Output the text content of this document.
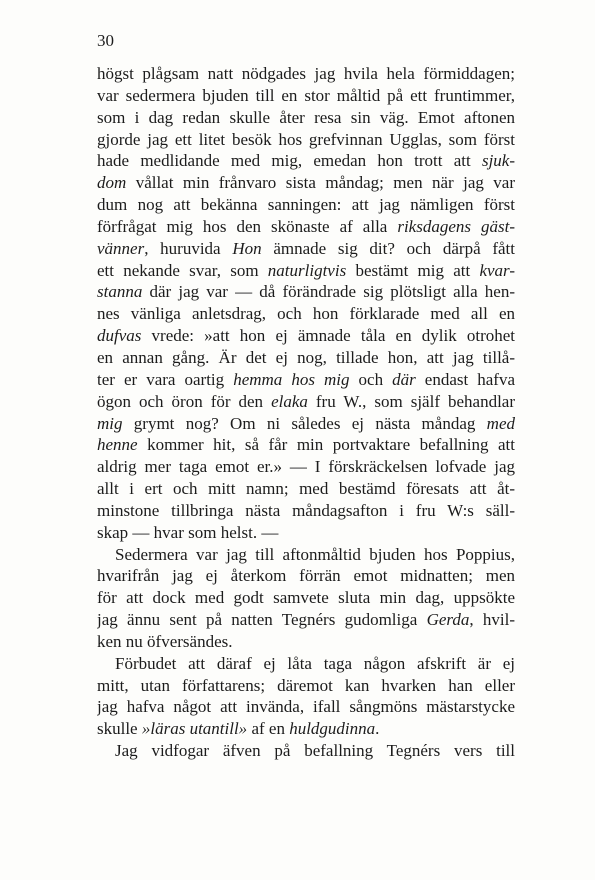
30
högst plågsam natt nödgades jag hvila hela förmiddagen;
var sedermera bjuden till en stor måltid på ett fruntimmer,
som i dag redan skulle åter resa sin väg. Emot aftonen
gjorde jag ett litet besök hos grefvinnan Ugglas, som först
hade medlidande med mig, emedan hon trott att sjuk-
dom vållat min frånvaro sista måndag; men när jag var
dum nog att bekänna sanningen: att jag nämligen först
förfrågat mig hos den skönaste af alla riksdagens gäst-
vänner, huruvida Hon ämnade sig dit? och därpå fått
ett nekande svar, som naturligtvis bestämt mig att kvar-
stanna där jag var — då förändrade sig plötsligt alla hen-
nes vänliga anletsdrag, och hon förklarade med all en
dufvas vrede: »att hon ej ämnade tåla en dylik otrohet
en annan gång. Är det ej nog, tillade hon, att jag tillå-
ter er vara oartig hemma hos mig och där endast hafva
ögon och öron för den elaka fru W., som själf behandlar
mig grymt nog? Om ni således ej nästa måndag med
henne kommer hit, så får min portvaktare befallning att
aldrig mer taga emot er.» — I förskräckelsen lofvade jag
allt i ert och mitt namn; med bestämd föresats att åt-
minstone tillbringa nästa måndagsafton i fru W:s säll-
skap — hvar som helst. —
Sedermera var jag till aftonmåltid bjuden hos Poppius,
hvarifrån jag ej återkom förrän emot midnatten; men
för att dock med godt samvete sluta min dag, uppsökte
jag ännu sent på natten Tegnérs gudomliga Gerda, hvil-
ken nu öfversändes.
Förbudet att däraf ej låta taga någon afskrift är ej
mitt, utan författarens; däremot kan hvarken han eller
jag hafva något att invända, ifall sångmöns mästarstycke
skulle »läras utantill» af en huldgudinna.
Jag vidfogar äfven på befallning Tegnérs vers till
